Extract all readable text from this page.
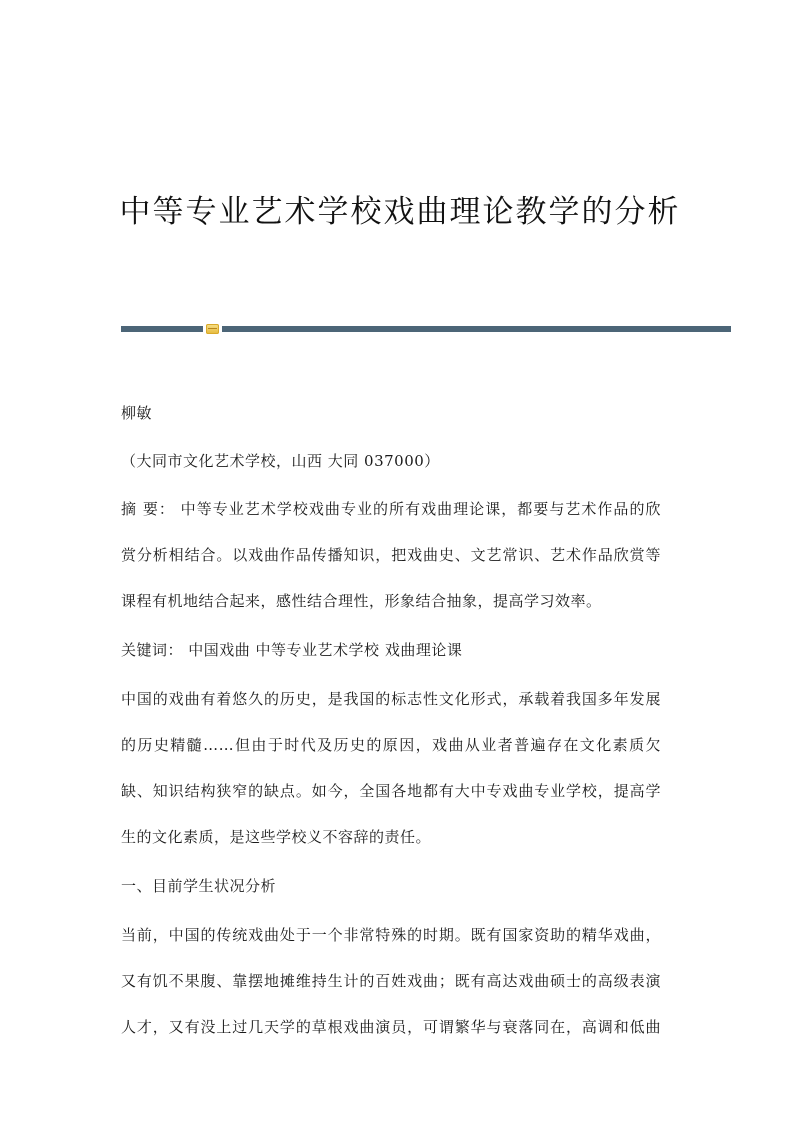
中等专业艺术学校戏曲理论教学的分析
柳敏
（大同市文化艺术学校，山西 大同 037000）
摘 要： 中等专业艺术学校戏曲专业的所有戏曲理论课，都要与艺术作品的欣
赏分析相结合。以戏曲作品传播知识，把戏曲史、文艺常识、艺术作品欣赏等
课程有机地结合起来，感性结合理性，形象结合抽象，提高学习效率。
关键词： 中国戏曲 中等专业艺术学校 戏曲理论课
中国的戏曲有着悠久的历史，是我国的标志性文化形式，承载着我国多年发展
的历史精髓……但由于时代及历史的原因，戏曲从业者普遍存在文化素质欠
缺、知识结构狭窄的缺点。如今，全国各地都有大中专戏曲专业学校，提高学
生的文化素质，是这些学校义不容辞的责任。
一、目前学生状况分析
当前，中国的传统戏曲处于一个非常特殊的时期。既有国家资助的精华戏曲，
又有饥不果腹、靠摆地摊维持生计的百姓戏曲；既有高达戏曲硕士的高级表演
人才，又有没上过几天学的草根戏曲演员，可谓繁华与衰落同在，高调和低曲
